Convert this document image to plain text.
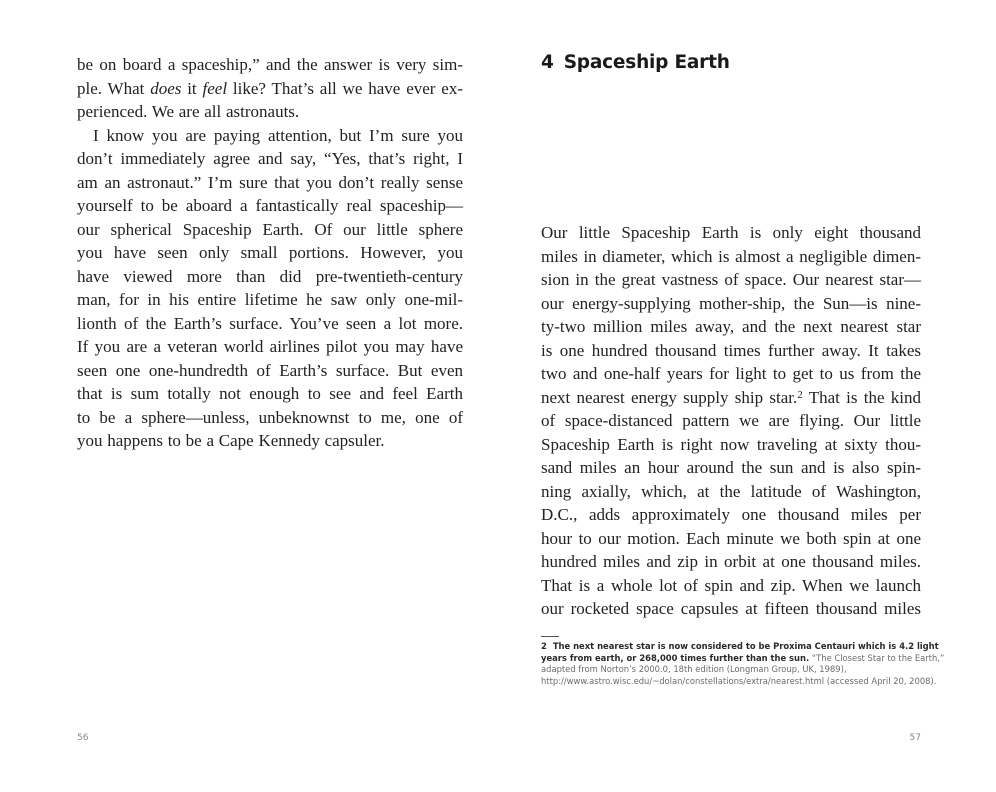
be on board a spaceship,” and the answer is very sim-
ple. What does it feel like? That’s all we have ever ex-
perienced. We are all astronauts.
I know you are paying attention, but I’m sure you
don’t immediately agree and say, “Yes, that’s right, I
am an astronaut.” I’m sure that you don’t really sense
yourself to be aboard a fantastically real spaceship—
our spherical Spaceship Earth. Of our little sphere
you have seen only small portions. However, you
have viewed more than did pre-twentieth-century
man, for in his entire lifetime he saw only one-mil-
lionth of the Earth’s surface. You’ve seen a lot more.
If you are a veteran world airlines pilot you may have
seen one one-hundredth of Earth’s surface. But even
that is sum totally not enough to see and feel Earth
to be a sphere—unless, unbeknownst to me, one of
you happens to be a Cape Kennedy capsuler.
56
4 Spaceship Earth
Our little Spaceship Earth is only eight thousand
miles in diameter, which is almost a negligible dimen-
sion in the great vastness of space. Our nearest star—
our energy-supplying mother-ship, the Sun—is nine-
ty-two million miles away, and the next nearest star
is one hundred thousand times further away. It takes
two and one-half years for light to get to us from the
next nearest energy supply ship star.$^2$ That is the kind
of space-distanced pattern we are flying. Our little
Spaceship Earth is right now traveling at sixty thou-
sand miles an hour around the sun and is also spin-
ning axially, which, at the latitude of Washington,
D.C., adds approximately one thousand miles per
hour to our motion. Each minute we both spin at one
hundred miles and zip in orbit at one thousand miles.
That is a whole lot of spin and zip. When we launch
our rocketed space capsules at fifteen thousand miles
2 The next nearest star is now considered to be Proxima Centauri which is 4.2 light
years from earth, or 268,000 times further than the sun. “The Closest Star to the Earth,”
adapted from Norton’s 2000.0, 18th edition (Longman Group, UK, 1989),
http://www.astro.wisc.edu/~dolan/constellations/extra/nearest.html (accessed April 20, 2008).
57
